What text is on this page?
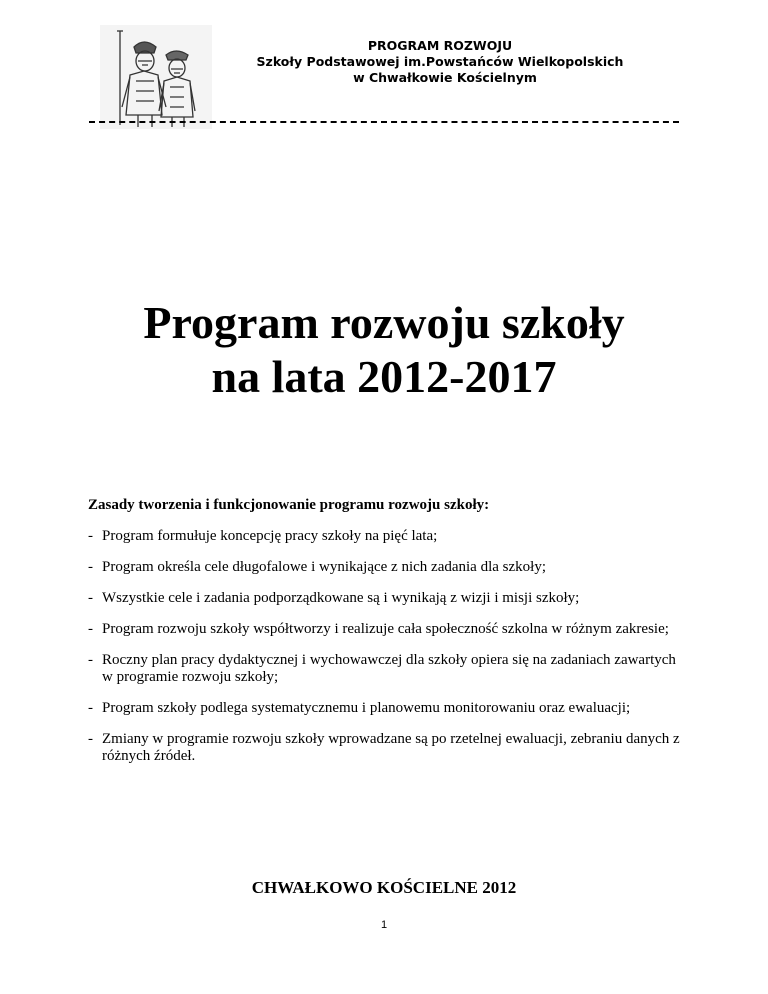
PROGRAM ROZWOJU
Szkoły Podstawowej im.Powstańców Wielkopolskich
w Chwałkowie Kościelnym
Program rozwoju szkoły
na lata 2012-2017
Zasady tworzenia i funkcjonowanie programu rozwoju szkoły:
- Program formułuje koncepcję pracy szkoły na pięć lata;
- Program określa cele długofalowe i wynikające z nich zadania dla szkoły;
- Wszystkie cele i zadania podporządkowane są i wynikają z wizji i misji szkoły;
- Program rozwoju szkoły współtworzy i realizuje cała społeczność szkolna w różnym zakresie;
- Roczny plan pracy dydaktycznej i wychowawczej dla szkoły opiera się na zadaniach zawartych w programie rozwoju szkoły;
- Program szkoły podlega systematycznemu i planowemu monitorowaniu oraz ewaluacji;
- Zmiany w programie rozwoju szkoły wprowadzane są po rzetelnej ewaluacji, zebraniu danych z różnych źródeł.
CHWAŁKOWO KOŚCIELNE 2012
1
